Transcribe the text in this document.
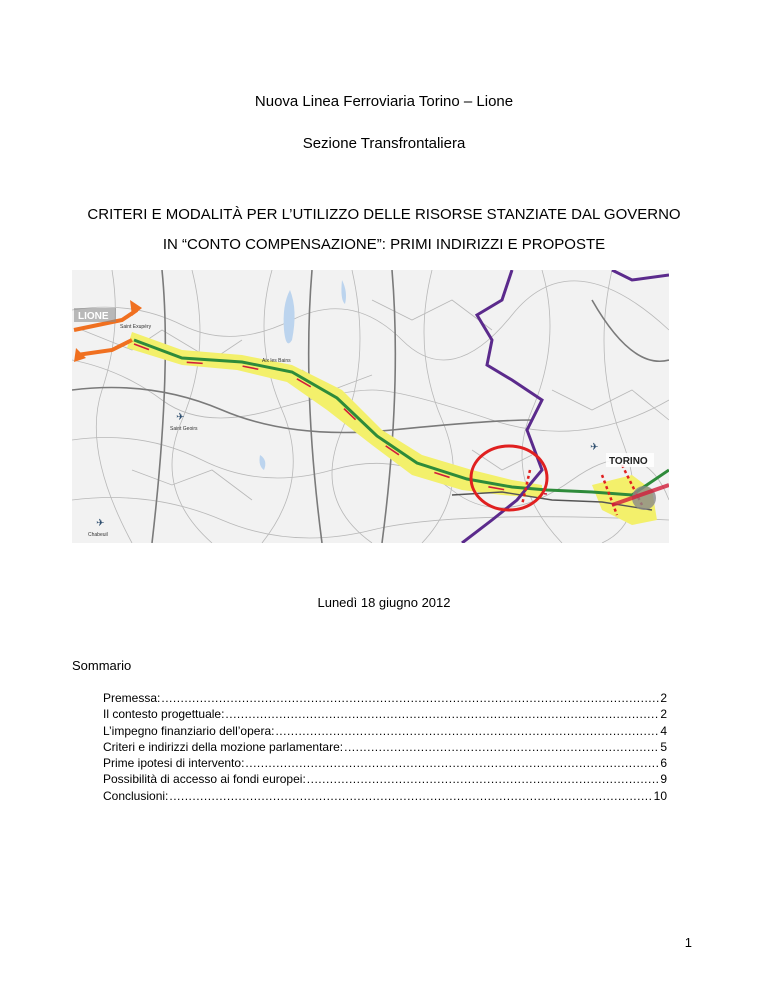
Nuova Linea Ferroviaria Torino – Lione
Sezione Transfrontaliera
CRITERI E MODALITÀ PER L’UTILIZZO DELLE RISORSE STANZIATE DAL GOVERNO
IN “CONTO COMPENSAZIONE”: PRIMI INDIRIZZI E PROPOSTE
✈
✈
✈
LIONE
TORINO
Saint Exupéry
Aix les Bains
Saint Geoirs
Chabeuil
Lunedì 18 giugno 2012
Sommario
Premessa: .....	2
Il contesto progettuale: .....	2
L’impegno finanziario dell’opera: .....	4
Criteri e indirizzi della mozione parlamentare: .....	5
Prime ipotesi di intervento: .....	6
Possibilità di accesso ai fondi europei: .....	9
Conclusioni: .....	10
1
